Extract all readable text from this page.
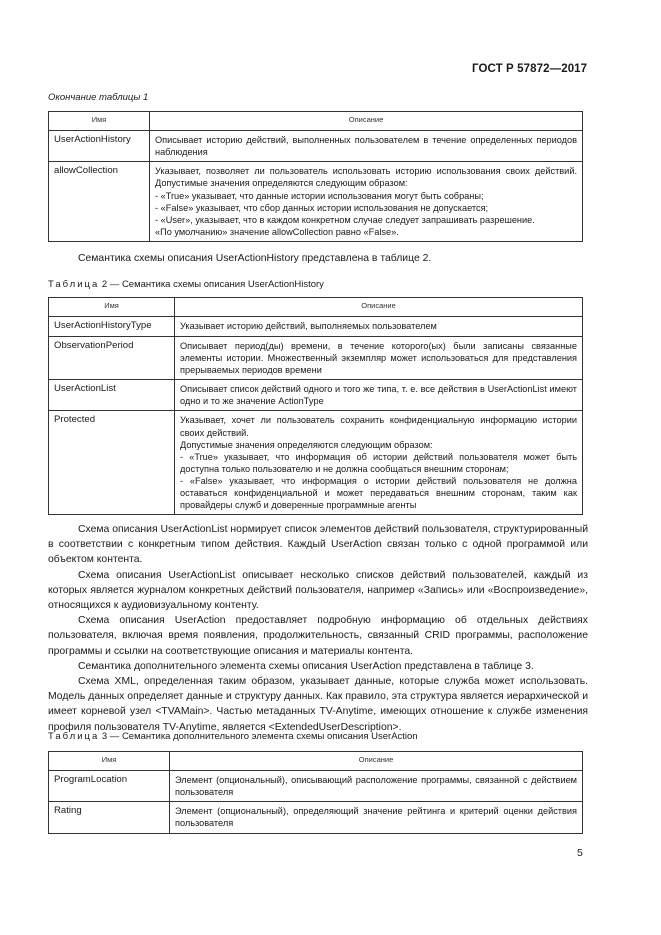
ГОСТ Р 57872—2017
Окончание таблицы 1
Имя	Описание
UserActionHistory	Описывает историю действий, выполненных пользователем в течение определенных периодов наблюдения
allowCollection	Указывает, позволяет ли пользователь использовать историю использования своих действий. Допустимые значения определяются следующим образом:
- «True» указывает, что данные истории использования могут быть собраны;
- «False» указывает, что сбор данных истории использования не допускается;
- «User», указывает, что в каждом конкретном случае следует запрашивать разрешение.
«По умолчанию» значение allowCollection равно «False».

Семантика схемы описания UserActionHistory представлена в таблице 2.

Таблица 2 — Семантика схемы описания UserActionHistory
Имя	Описание
UserActionHistoryType	Указывает историю действий, выполняемых пользователем
ObservationPeriod	Описывает период(ды) времени, в течение которого(ых) были записаны связанные элементы истории. Множественный экземпляр может использоваться для представления прерываемых периодов времени
UserActionList	Описывает список действий одного и того же типа, т. е. все действия в UserActionList имеют одно и то же значение ActionType
Protected	Указывает, хочет ли пользователь сохранить конфиденциальную информацию истории своих действий.
Допустимые значения определяются следующим образом:
- «True» указывает, что информация об истории действий пользователя может быть доступна только пользователю и не должна сообщаться внешним сторонам;
- «False» указывает, что информация о истории действий пользователя не должна оставаться конфиденциальной и может передаваться внешним сторонам, таким как провайдеры служб и доверенные программные агенты

Схема описания UserActionList нормирует список элементов действий пользователя, структурированный в соответствии с конкретным типом действия. Каждый UserAction связан только с одной программой или объектом контента.

Схема описания UserActionList описывает несколько списков действий пользователей, каждый из которых является журналом конкретных действий пользователя, например «Запись» или «Воспроизведение», относящихся к аудиовизуальному контенту.

Схема описания UserAction предоставляет подробную информацию об отдельных действиях пользователя, включая время появления, продолжительность, связанный CRID программы, расположение программы и ссылки на соответствующие описания и материалы контента.

Семантика дополнительного элемента схемы описания UserAction представлена в таблице 3.

Схема XML, определенная таким образом, указывает данные, которые служба может использовать. Модель данных определяет данные и структуру данных. Как правило, эта структура является иерархической и имеет корневой узел <TVAMain>. Частью метаданных TV-Anytime, имеющих отношение к службе изменения профиля пользователя TV-Anytime, является <ExtendedUserDescription>.

Таблица 3 — Семантика дополнительного элемента схемы описания UserAction
Имя	Описание
ProgramLocation	Элемент (опциональный), описывающий расположение программы, связанной с действием пользователя
Rating	Элемент (опциональный), определяющий значение рейтинга и критерий оценки действия пользователя
5
